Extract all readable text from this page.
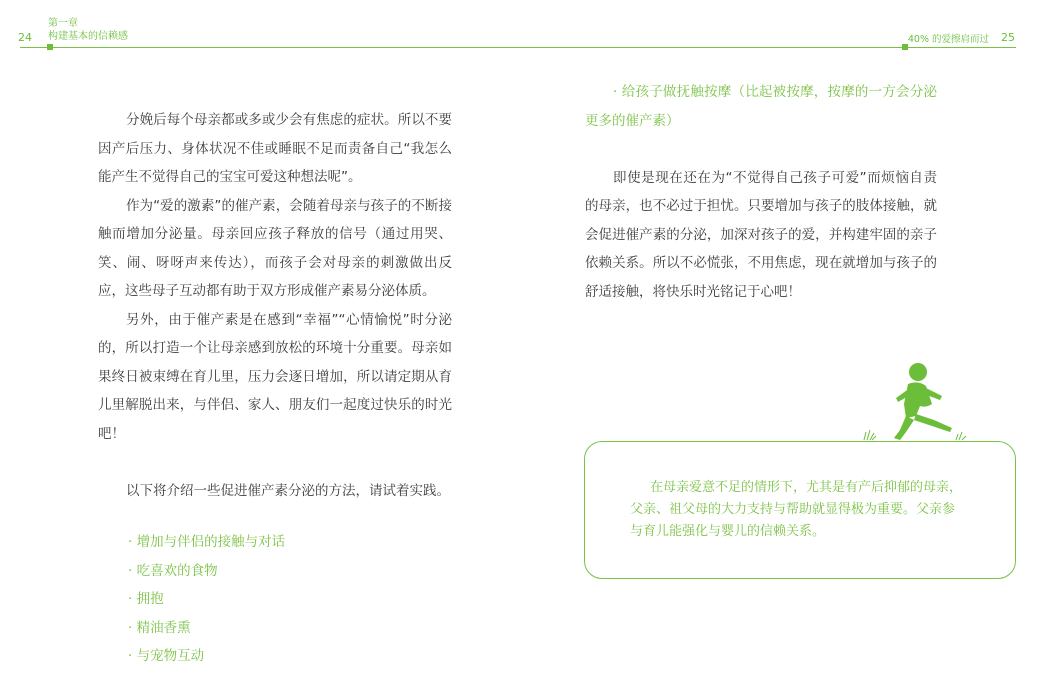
24
第一章
构建基本的信赖感	40% 的爱擦肩而过 25

分娩后每个母亲都或多或少会有焦虑的症状。所以不要因产后压力、身体状况不佳或睡眠不足而责备自己“我怎么能产生不觉得自己的宝宝可爱这种想法呢”。

作为“爱的激素”的催产素，会随着母亲与孩子的不断接触而增加分泌量。母亲回应孩子释放的信号（通过用哭、笑、闹、呀呀声来传达），而孩子会对母亲的刺激做出反应，这些母子互动都有助于双方形成催产素易分泌体质。

另外，由于催产素是在感到“幸福”“心情愉悦”时分泌的，所以打造一个让母亲感到放松的环境十分重要。母亲如果终日被束缚在育儿里，压力会逐日增加，所以请定期从育儿里解脱出来，与伴侣、家人、朋友们一起度过快乐的时光吧！

以下将介绍一些促进催产素分泌的方法，请试着实践。

· 增加与伴侣的接触与对话
· 吃喜欢的食物
· 拥抱
· 精油香熏
· 与宠物互动

· 给孩子做抚触按摩（比起被按摩，按摩的一方会分泌更多的催产素）

即使是现在还在为“不觉得自己孩子可爱”而烦恼自责的母亲，也不必过于担忧。只要增加与孩子的肢体接触，就会促进催产素的分泌，加深对孩子的爱，并构建牢固的亲子依赖关系。所以不必慌张，不用焦虑，现在就增加与孩子的舒适接触，将快乐时光铭记于心吧！

在母亲爱意不足的情形下，尤其是有产后抑郁的母亲，
父亲、祖父母的大力支持与帮助就显得极为重要。父亲参
与育儿能强化与婴儿的信赖关系。
